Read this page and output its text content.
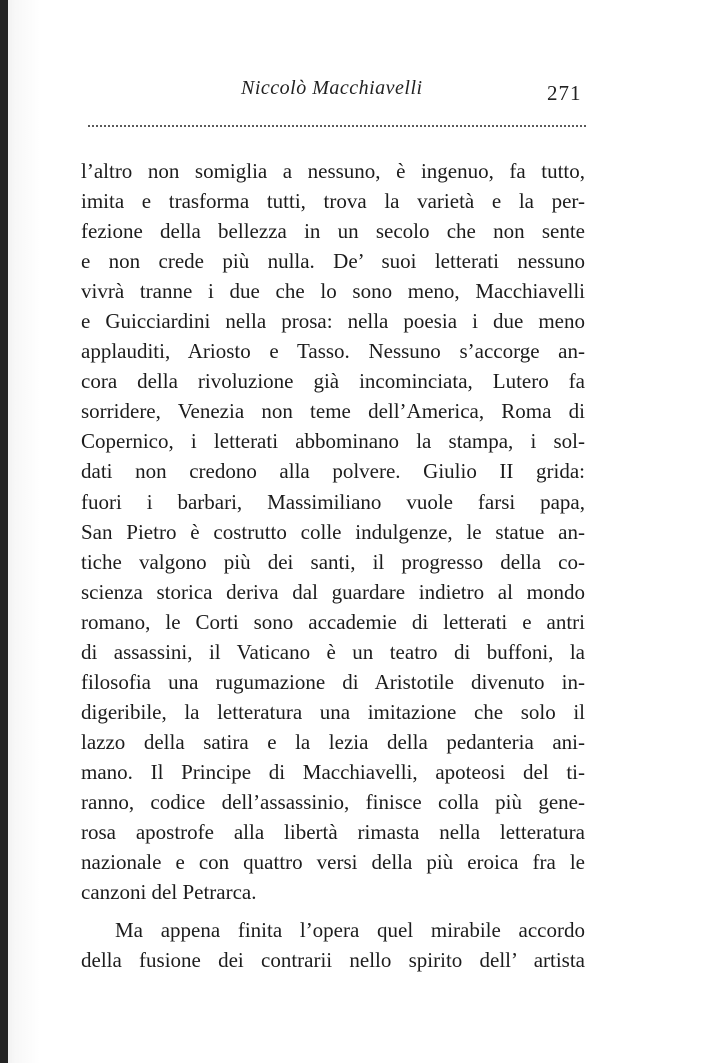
Niccolò Macchiavelli	271
l’altro non somiglia a nessuno, è ingenuo, fa tutto,
imita e trasforma tutti, trova la varietà e la per-
fezione della bellezza in un secolo che non sente
e non crede più nulla. De’ suoi letterati nessuno
vivrà tranne i due che lo sono meno, Macchiavelli
e Guicciardini nella prosa: nella poesia i due meno
applauditi, Ariosto e Tasso. Nessuno s’accorge an-
cora della rivoluzione già incominciata, Lutero fa
sorridere, Venezia non teme dell’America, Roma di
Copernico, i letterati abbominano la stampa, i sol-
dati non credono alla polvere. Giulio II grida:
fuori i barbari, Massimiliano vuole farsi papa,
San Pietro è costrutto colle indulgenze, le statue an-
tiche valgono più dei santi, il progresso della co-
scienza storica deriva dal guardare indietro al mondo
romano, le Corti sono accademie di letterati e antri
di assassini, il Vaticano è un teatro di buffoni, la
filosofia una rugumazione di Aristotile divenuto in-
digeribile, la letteratura una imitazione che solo il
lazzo della satira e la lezia della pedanteria ani-
mano. Il Principe di Macchiavelli, apoteosi del ti-
ranno, codice dell’assassinio, finisce colla più gene-
rosa apostrofe alla libertà rimasta nella letteratura
nazionale e con quattro versi della più eroica fra le
canzoni del Petrarca.
Ma appena finita l’opera quel mirabile accordo
della fusione dei contrarii nello spirito dell’ artista
